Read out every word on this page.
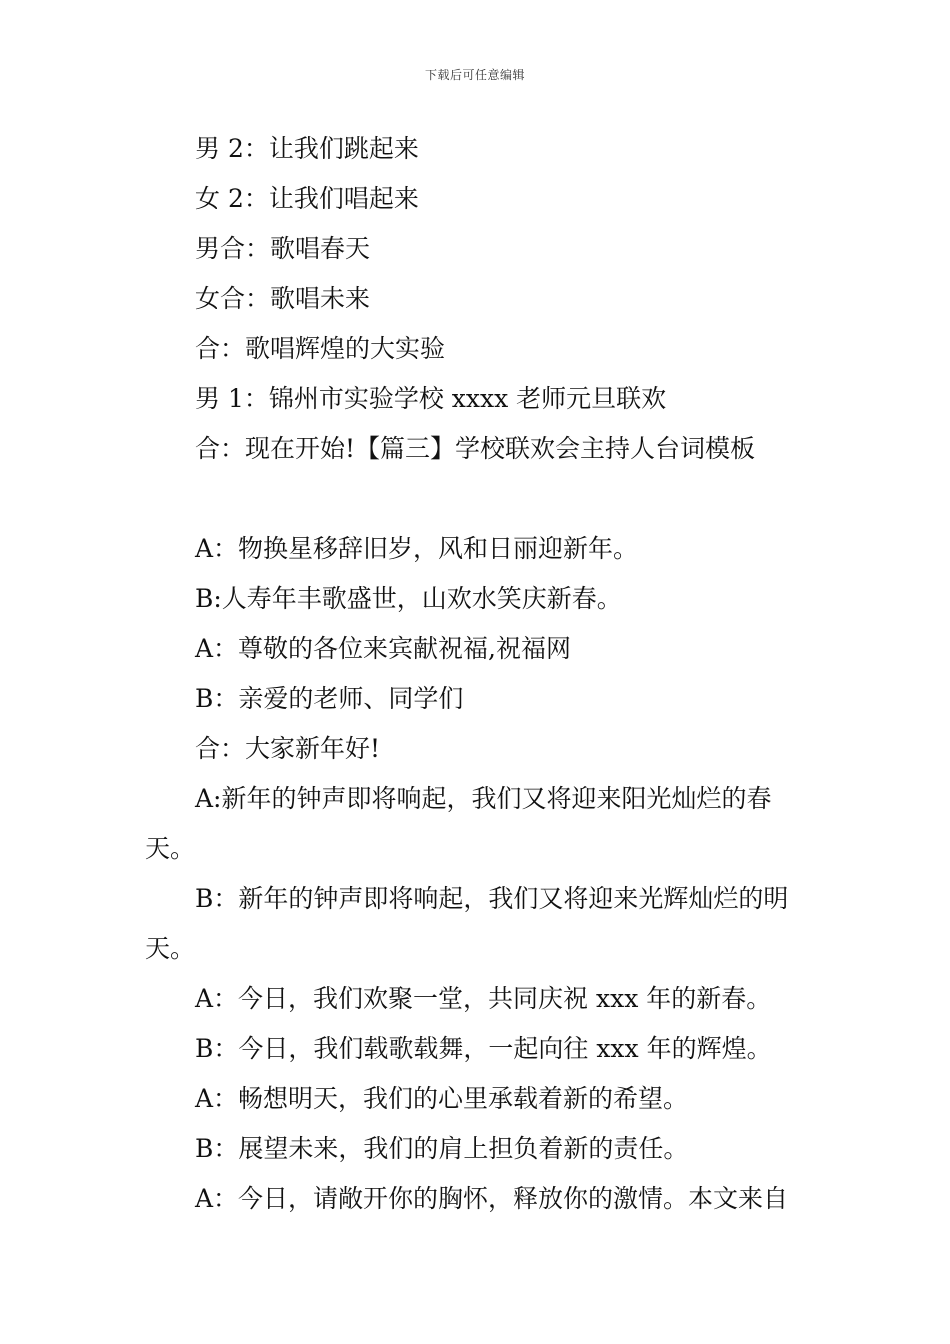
下载后可任意编辑

男 2：让我们跳起来

女 2：让我们唱起来

男合：歌唱春天

女合：歌唱未来

合：歌唱辉煌的大实验

男 1：锦州市实验学校 xxxx 老师元旦联欢

合：现在开始!【篇三】学校联欢会主持人台词模板

A：物换星移辞旧岁，风和日丽迎新年。

B:人寿年丰歌盛世，山欢水笑庆新春。

A：尊敬的各位来宾献祝福,祝福网

B：亲爱的老师、同学们

合：大家新年好!

A:新年的钟声即将响起，我们又将迎来阳光灿烂的春天。

B：新年的钟声即将响起，我们又将迎来光辉灿烂的明天。

A：今日，我们欢聚一堂，共同庆祝 xxx 年的新春。

B：今日，我们载歌载舞，一起向往 xxx 年的辉煌。

A：畅想明天，我们的心里承载着新的希望。

B：展望未来，我们的肩上担负着新的责任。

A：今日，请敞开你的胸怀，释放你的激情。本文来自
